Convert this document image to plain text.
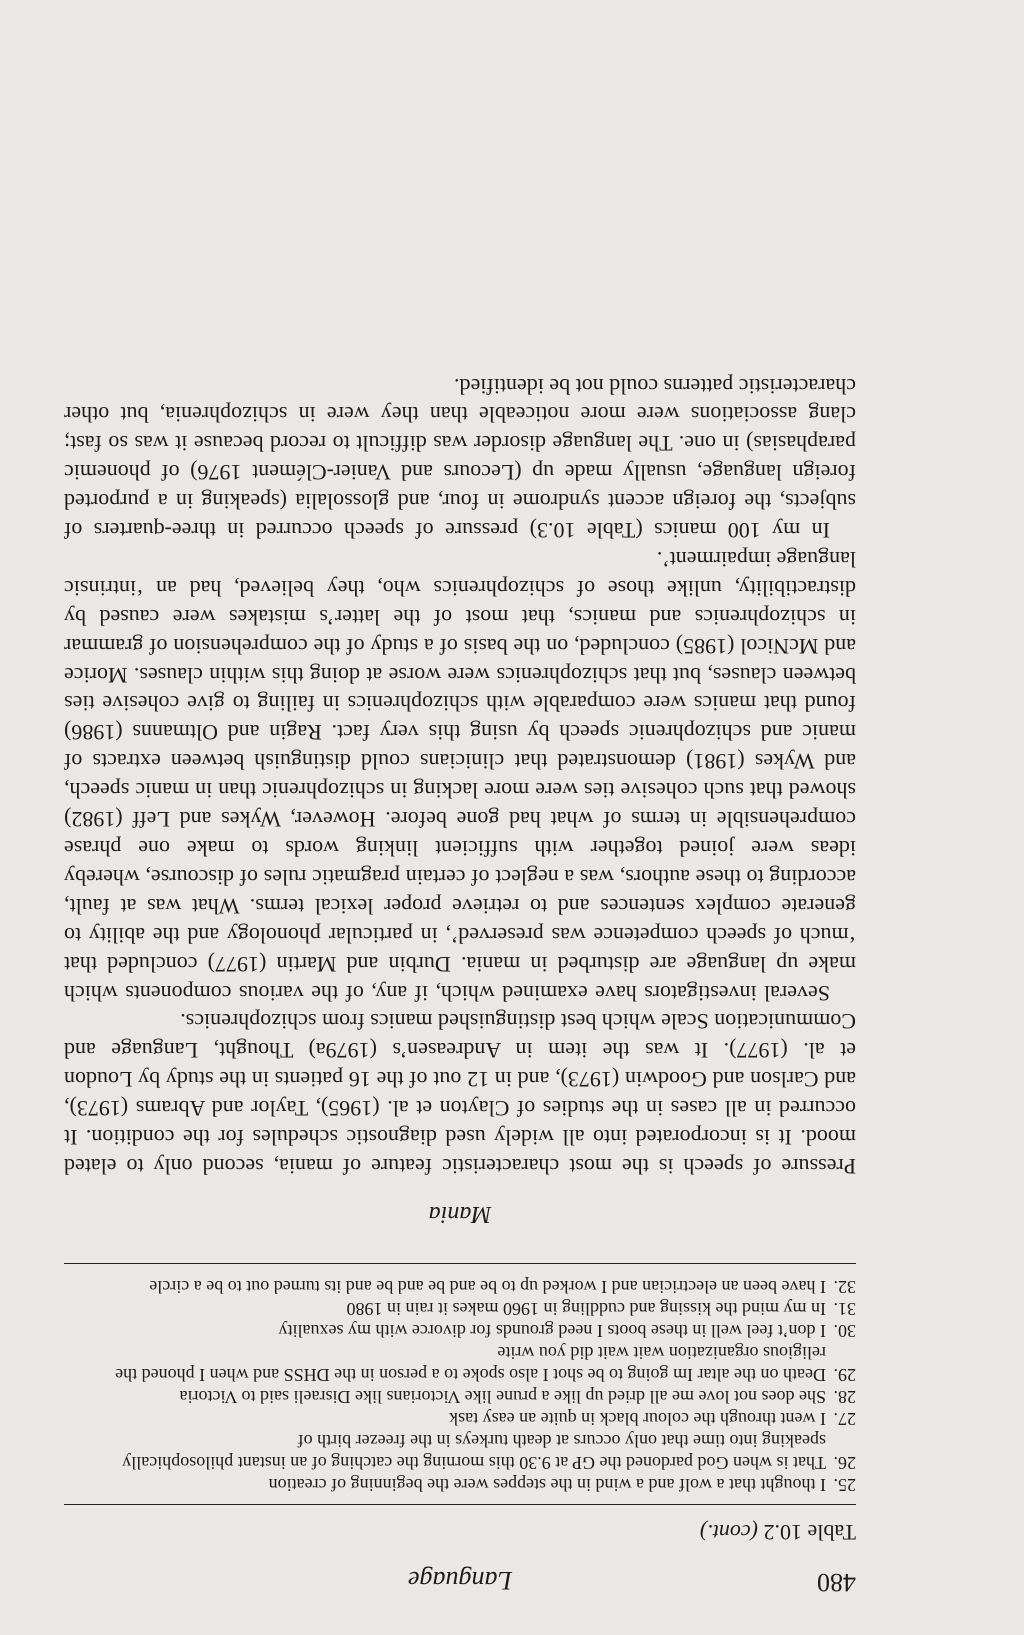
480
Language
Table 10.2 (cont.)
25.
I thought that a wolf and a wind in the steppes were the beginning of creation
26.
That is when God pardoned the GP at 9.30 this morning the catching of an instant philosophically speaking into time that only occurs at death turkeys in the freezer birth of
27.
I went through the colour black in quite an easy task
28.
She does not love me all dried up like a prune like Victorians like Disraeli said to Victoria
29.
Death on the altar Im going to be shot I also spoke to a person in the DHSS and when I phoned the religious organization wait wait did you write
30.
I don’t feel well in these boots I need grounds for divorce with my sexuality
31.
In my mind the kissing and cuddling in 1960 makes it rain in 1980
32.
I have been an electrician and I worked up to be and be and be and its turned out to be a circle
Mania

Pressure of speech is the most characteristic feature of mania, second only to elated mood. It is incorporated into all widely used diagnostic schedules for the condition. It occurred in all cases in the studies of Clayton et al. (1965), Taylor and Abrams (1973), and Carlson and Goodwin (1973), and in 12 out of the 16 patients in the study by Loudon et al. (1977). It was the item in Andreasen’s (1979a) Thought, Language and Communication Scale which best distinguished manics from schizophrenics.

Several investigators have examined which, if any, of the various components which make up language are disturbed in mania. Durbin and Martin (1977) concluded that ‘much of speech competence was preserved’, in particular phonology and the ability to generate complex sentences and to retrieve proper lexical terms. What was at fault, according to these authors, was a neglect of certain pragmatic rules of discourse, whereby ideas were joined together with sufficient linking words to make one phrase comprehensible in terms of what had gone before. However, Wykes and Leff (1982) showed that such cohesive ties were more lacking in schizophrenic than in manic speech, and Wykes (1981) demonstrated that clinicians could distinguish between extracts of manic and schizophrenic speech by using this very fact. Ragin and Oltmanns (1986) found that manics were comparable with schizophrenics in failing to give cohesive ties between clauses, but that schizophrenics were worse at doing this within clauses. Morice and McNicol (1985) concluded, on the basis of a study of the comprehension of grammar in schizophrenics and manics, that most of the latter’s mistakes were caused by distractibility, unlike those of schizophrenics who, they believed, had an ‘intrinsic language impairment’.

In my 100 manics (Table 10.3) pressure of speech occurred in three-quarters of subjects, the foreign accent syndrome in four, and glossolalia (speaking in a purported foreign language, usually made up (Lecours and Vanier-Clément 1976) of phonemic paraphasias) in one. The language disorder was difficult to record because it was so fast; clang associations were more noticeable than they were in schizophrenia, but other characteristic patterns could not be identified.
